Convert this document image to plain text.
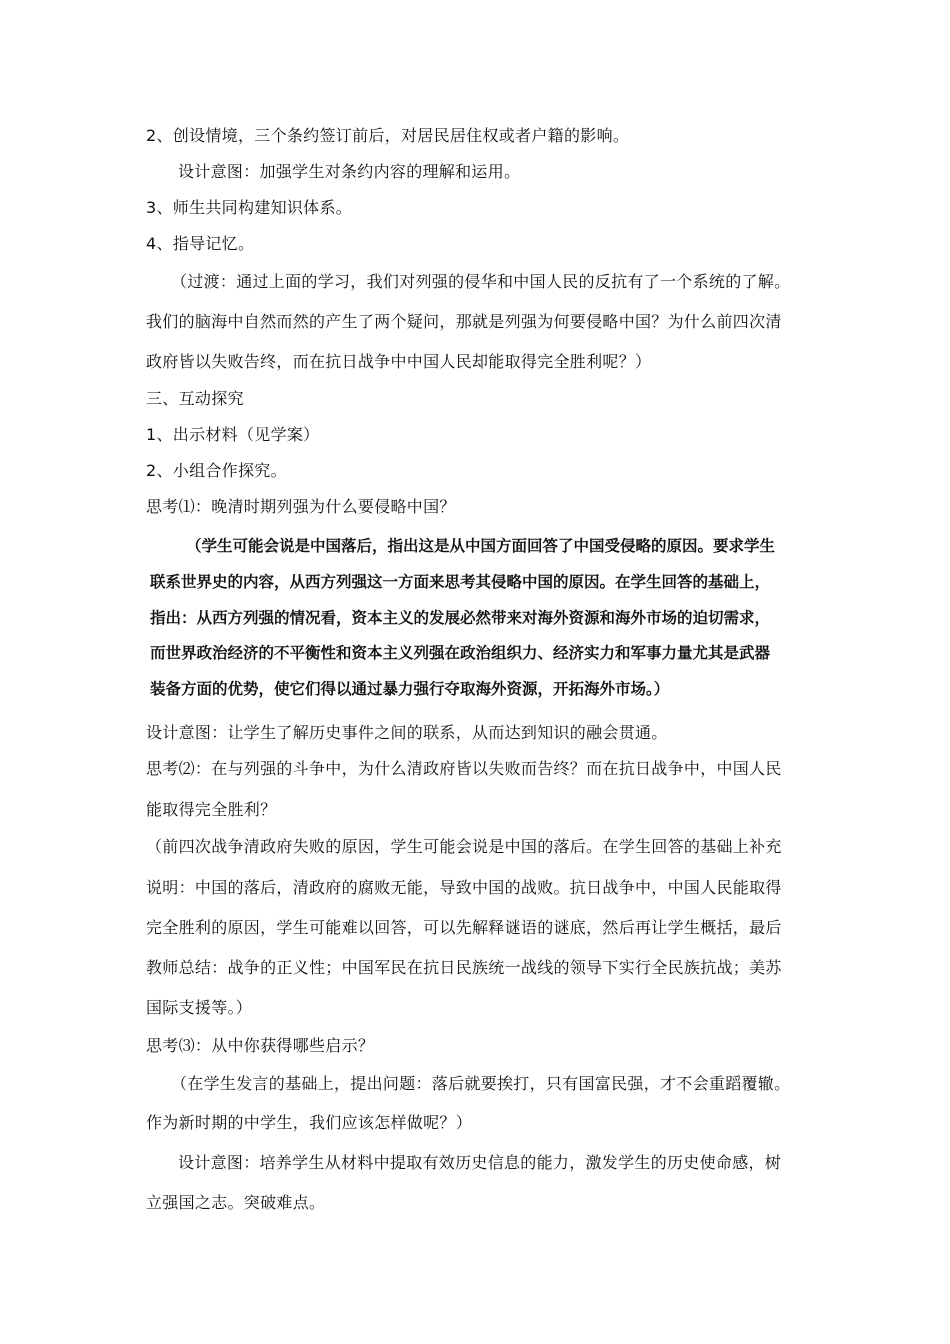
2、创设情境，三个条约签订前后，对居民居住权或者户籍的影响。
设计意图：加强学生对条约内容的理解和运用。
3、师生共同构建知识体系。
4、指导记忆。
（过渡：通过上面的学习，我们对列强的侵华和中国人民的反抗有了一个系统的了解。
我们的脑海中自然而然的产生了两个疑问，那就是列强为何要侵略中国？为什么前四次清
政府皆以失败告终，而在抗日战争中中国人民却能取得完全胜利呢？）
三、互动探究
1、出示材料（见学案）
2、小组合作探究。
思考⑴：晚清时期列强为什么要侵略中国？
（学生可能会说是中国落后，指出这是从中国方面回答了中国受侵略的原因。要求学生
联系世界史的内容，从西方列强这一方面来思考其侵略中国的原因。在学生回答的基础上，
指出：从西方列强的情况看，资本主义的发展必然带来对海外资源和海外市场的迫切需求，
而世界政治经济的不平衡性和资本主义列强在政治组织力、经济实力和军事力量尤其是武器
装备方面的优势，使它们得以通过暴力强行夺取海外资源，开拓海外市场。）
设计意图：让学生了解历史事件之间的联系，从而达到知识的融会贯通。
思考⑵：在与列强的斗争中，为什么清政府皆以失败而告终？而在抗日战争中，中国人民
能取得完全胜利？
（前四次战争清政府失败的原因，学生可能会说是中国的落后。在学生回答的基础上补充
说明：中国的落后，清政府的腐败无能，导致中国的战败。抗日战争中，中国人民能取得
完全胜利的原因，学生可能难以回答，可以先解释谜语的谜底，然后再让学生概括，最后
教师总结：战争的正义性；中国军民在抗日民族统一战线的领导下实行全民族抗战；美苏
国际支援等。）
思考⑶：从中你获得哪些启示？
（在学生发言的基础上，提出问题：落后就要挨打，只有国富民强，才不会重蹈覆辙。
作为新时期的中学生，我们应该怎样做呢？）
设计意图：培养学生从材料中提取有效历史信息的能力，激发学生的历史使命感，树
立强国之志。突破难点。
